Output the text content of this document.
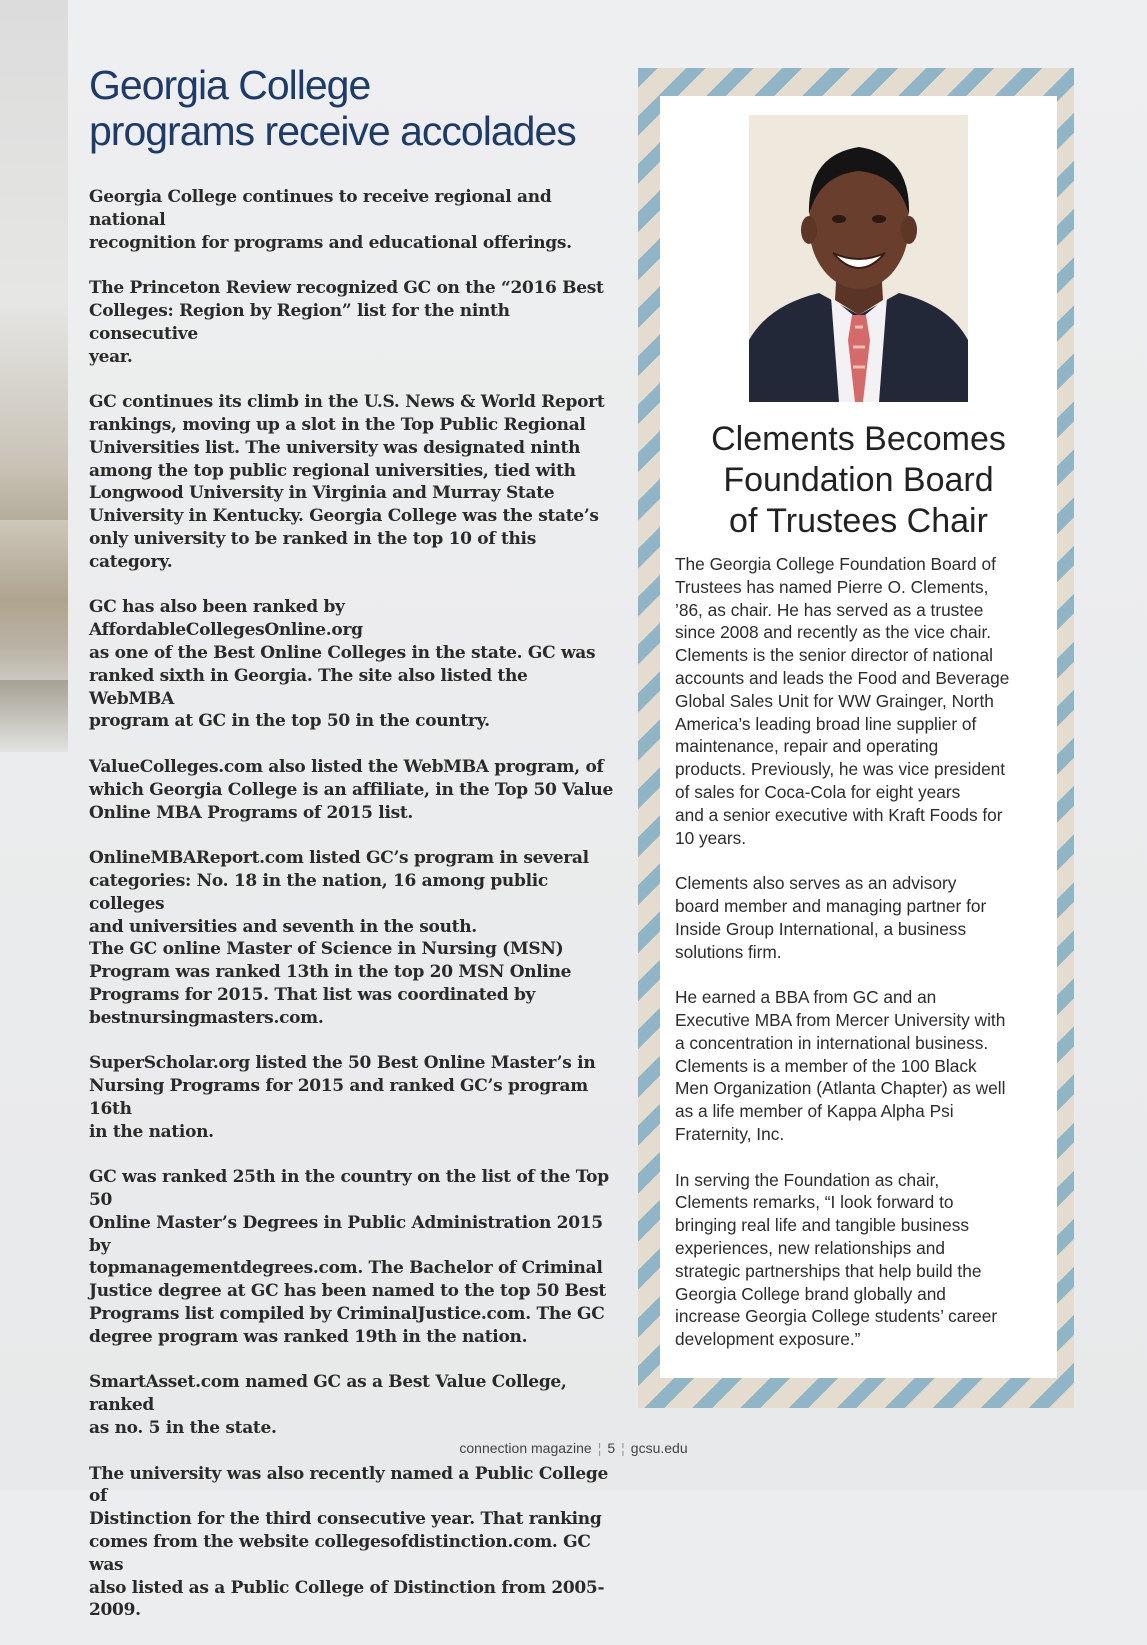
Georgia College
programs receive accolades

Georgia College continues to receive regional and national
recognition for programs and educational offerings.

The Princeton Review recognized GC on the “2016 Best
Colleges: Region by Region” list for the ninth consecutive
year.

GC continues its climb in the U.S. News & World Report
rankings, moving up a slot in the Top Public Regional
Universities list. The university was designated ninth
among the top public regional universities, tied with
Longwood University in Virginia and Murray State
University in Kentucky. Georgia College was the state’s
only university to be ranked in the top 10 of this category.

GC has also been ranked by AffordableCollegesOnline.org
as one of the Best Online Colleges in the state. GC was
ranked sixth in Georgia. The site also listed the WebMBA
program at GC in the top 50 in the country.

ValueColleges.com also listed the WebMBA program, of
which Georgia College is an affiliate, in the Top 50 Value
Online MBA Programs of 2015 list.

OnlineMBAReport.com listed GC’s program in several
categories: No. 18 in the nation, 16 among public colleges
and universities and seventh in the south.

The GC online Master of Science in Nursing (MSN)
Program was ranked 13th in the top 20 MSN Online
Programs for 2015. That list was coordinated by
bestnursingmasters.com.

SuperScholar.org listed the 50 Best Online Master’s in
Nursing Programs for 2015 and ranked GC’s program 16th
in the nation.

GC was ranked 25th in the country on the list of the Top 50
Online Master’s Degrees in Public Administration 2015 by
topmanagementdegrees.com. The Bachelor of Criminal
Justice degree at GC has been named to the top 50 Best
Programs list compiled by CriminalJustice.com. The GC
degree program was ranked 19th in the nation.

SmartAsset.com named GC as a Best Value College, ranked
as no. 5 in the state.

The university was also recently named a Public College of
Distinction for the third consecutive year. That ranking
comes from the website collegesofdistinction.com. GC was
also listed as a Public College of Distinction from 2005-
2009.

Clements Becomes
Foundation Board
of Trustees Chair

The Georgia College Foundation Board of
Trustees has named Pierre O. Clements,
’86, as chair. He has served as a trustee
since 2008 and recently as the vice chair.
Clements is the senior director of national
accounts and leads the Food and Beverage
Global Sales Unit for WW Grainger, North
America’s leading broad line supplier of
maintenance, repair and operating
products. Previously, he was vice president
of sales for Coca-Cola for eight years
and a senior executive with Kraft Foods for
10 years.

Clements also serves as an advisory
board member and managing partner for
Inside Group International, a business
solutions firm.

He earned a BBA from GC and an
Executive MBA from Mercer University with
a concentration in international business.
Clements is a member of the 100 Black
Men Organization (Atlanta Chapter) as well
as a life member of Kappa Alpha Psi
Fraternity, Inc.

In serving the Foundation as chair,
Clements remarks, “I look forward to
bringing real life and tangible business
experiences, new relationships and
strategic partnerships that help build the
Georgia College brand globally and
increase Georgia College students’ career
development exposure.”

connection magazine ¦ 5 ¦ gcsu.edu
